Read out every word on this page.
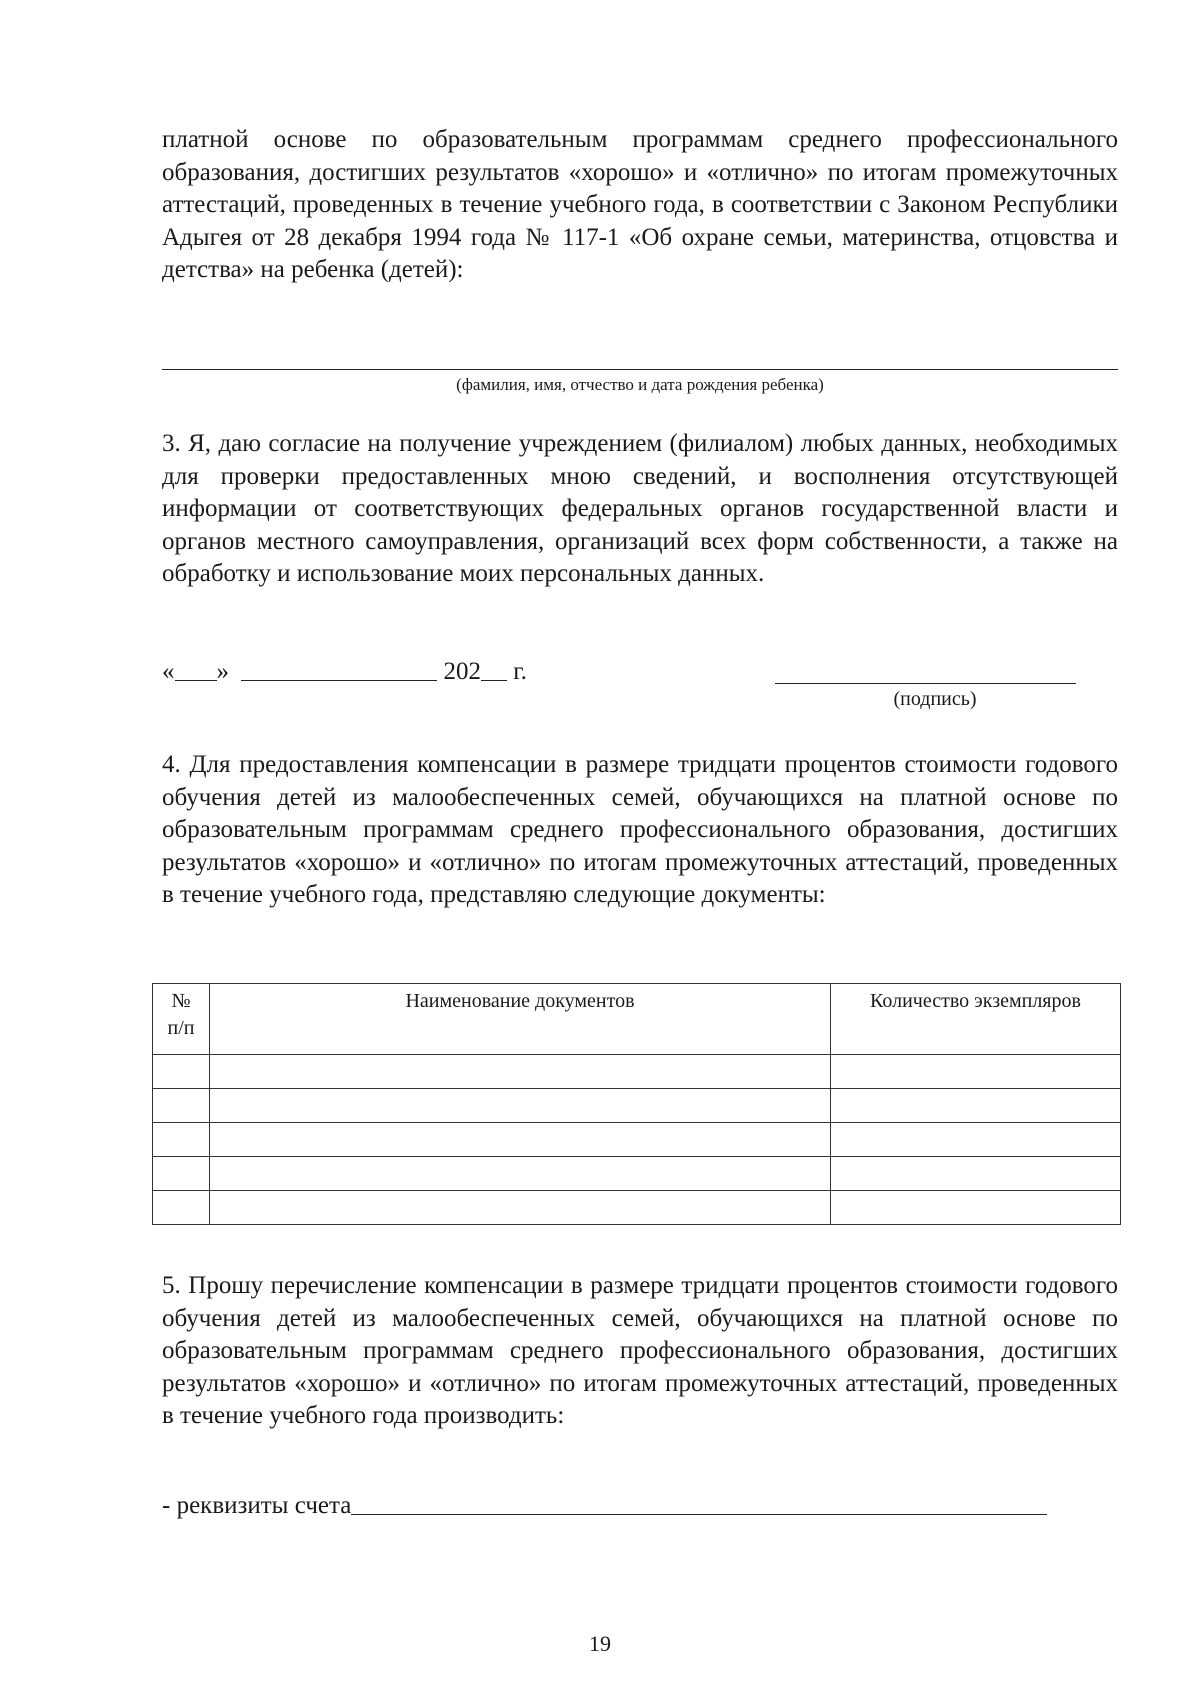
платной основе по образовательным программам среднего профессионального образования, достигших результатов «хорошо» и «отлично» по итогам промежуточных аттестаций, проведенных в течение учебного года, в соответствии с Законом Республики Адыгея от 28 декабря 1994 года № 117-1 «Об охране семьи, материнства, отцовства и детства» на ребенка (детей):

(фамилия, имя, отчество и дата рождения ребенка)

3. Я, даю согласие на получение учреждением (филиалом) любых данных, необходимых для проверки предоставленных мною сведений, и восполнения отсутствующей информации от соответствующих федеральных органов государственной власти и органов местного самоуправления, организаций всех форм собственности, а также на обработку и использование моих персональных данных.

« »	202 г.
(подпись)

4. Для предоставления компенсации в размере тридцати процентов стоимости годового обучения детей из малообеспеченных семей, обучающихся на платной основе по образовательным программам среднего профессионального образования, достигших результатов «хорошо» и «отлично» по итогам промежуточных аттестаций, проведенных в течение учебного года, представляю следующие документы:

№
п/п	Наименование документов	Количество экземпляров

5. Прошу перечисление компенсации в размере тридцати процентов стоимости годового обучения детей из малообеспеченных семей, обучающихся на платной основе по образовательным программам среднего профессионального образования, достигших результатов «хорошо» и «отлично» по итогам промежуточных аттестаций, проведенных в течение учебного года производить:

- реквизиты счета
19
